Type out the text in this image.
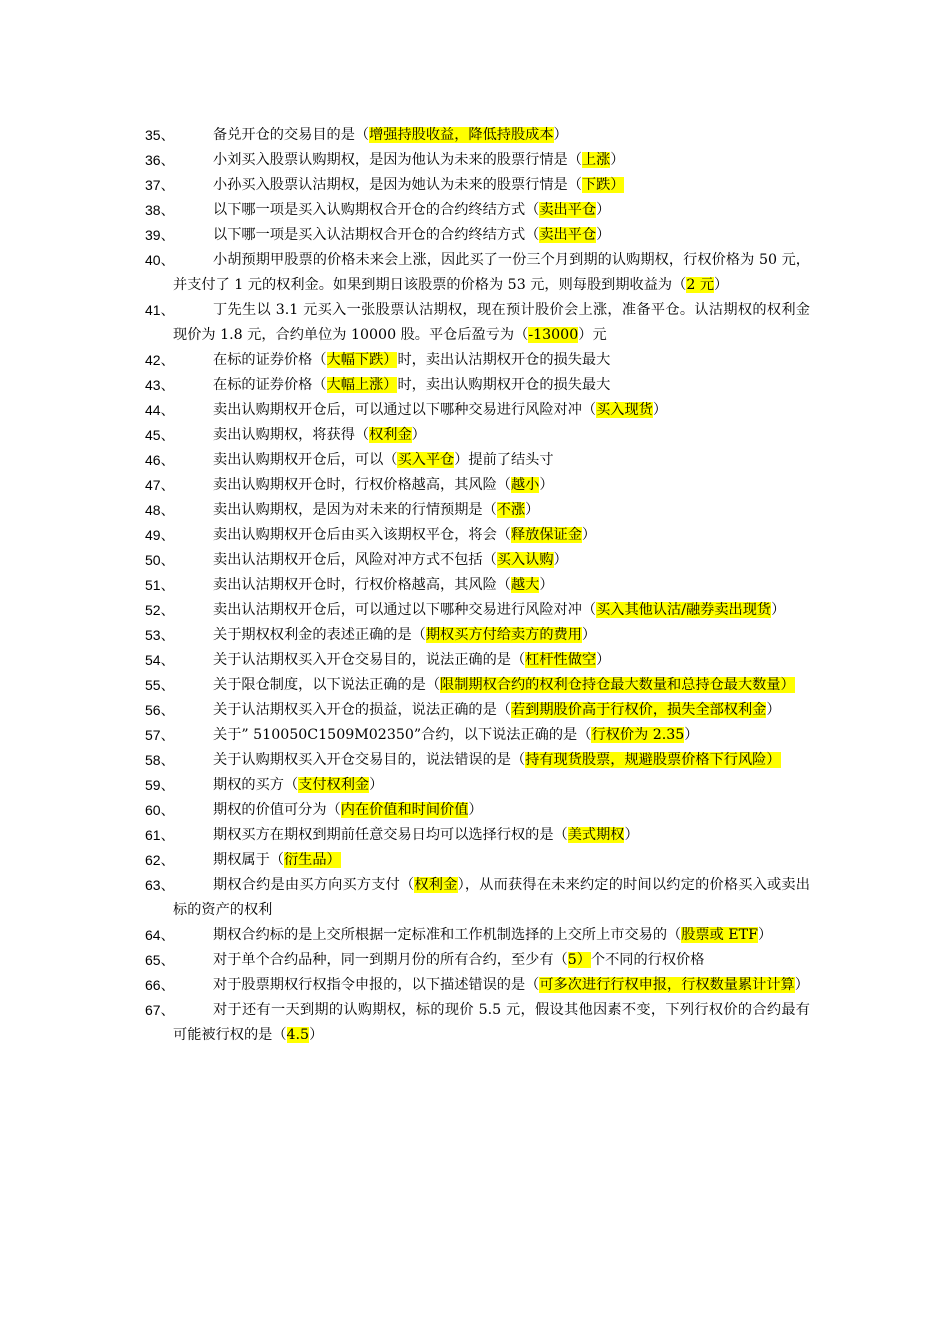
35、	备兑开仓的交易目的是（增强持股收益，降低持股成本）
36、	小刘买入股票认购期权，是因为他认为未来的股票行情是（上涨）
37、	小孙买入股票认沽期权，是因为她认为未来的股票行情是（下跌）
38、	以下哪一项是买入认购期权合开仓的合约终结方式（卖出平仓）
39、	以下哪一项是买入认沽期权合开仓的合约终结方式（卖出平仓）
40、	小胡预期甲股票的价格未来会上涨，因此买了一份三个月到期的认购期权，行权价格为 50 元，并支付了 1 元的权利金。如果到期日该股票的价格为 53 元，则每股到期收益为（2 元）
41、	丁先生以 3.1 元买入一张股票认沽期权，现在预计股价会上涨，准备平仓。认沽期权的权利金现价为 1.8 元，合约单位为 10000 股。平仓后盈亏为（-13000）元
42、	在标的证券价格（大幅下跌）时，卖出认沽期权开仓的损失最大
43、	在标的证券价格（大幅上涨）时，卖出认购期权开仓的损失最大
44、	卖出认购期权开仓后，可以通过以下哪种交易进行风险对冲（买入现货）
45、	卖出认购期权，将获得（权利金）
46、	卖出认购期权开仓后，可以（买入平仓）提前了结头寸
47、	卖出认购期权开仓时，行权价格越高，其风险（越小）
48、	卖出认购期权，是因为对未来的行情预期是（不涨）
49、	卖出认购期权开仓后由买入该期权平仓，将会（释放保证金）
50、	卖出认沽期权开仓后，风险对冲方式不包括（买入认购）
51、	卖出认沽期权开仓时，行权价格越高，其风险（越大）
52、	卖出认沽期权开仓后，可以通过以下哪种交易进行风险对冲（买入其他认沽/融券卖出现货）
53、	关于期权权利金的表述正确的是（期权买方付给卖方的费用）
54、	关于认沽期权买入开仓交易目的，说法正确的是（杠杆性做空）
55、	关于限仓制度，以下说法正确的是（限制期权合约的权利仓持仓最大数量和总持仓最大数量）
56、	关于认沽期权买入开仓的损益，说法正确的是（若到期股价高于行权价，损失全部权利金）
57、	关于” 510050C1509M02350”合约，以下说法正确的是（行权价为 2.35）
58、	关于认购期权买入开仓交易目的，说法错误的是（持有现货股票，规避股票价格下行风险）
59、	期权的买方（支付权利金）
60、	期权的价值可分为（内在价值和时间价值）
61、	期权买方在期权到期前任意交易日均可以选择行权的是（美式期权）
62、	期权属于（衍生品）
63、	期权合约是由买方向买方支付（权利金），从而获得在未来约定的时间以约定的价格买入或卖出标的资产的权利
64、	期权合约标的是上交所根据一定标准和工作机制选择的上交所上市交易的（股票或 ETF）
65、	对于单个合约品种，同一到期月份的所有合约，至少有（5）个不同的行权价格
66、	对于股票期权行权指令申报的，以下描述错误的是（可多次进行行权申报，行权数量累计计算）
67、	对于还有一天到期的认购期权，标的现价 5.5 元，假设其他因素不变，下列行权价的合约最有可能被行权的是（4.5）
